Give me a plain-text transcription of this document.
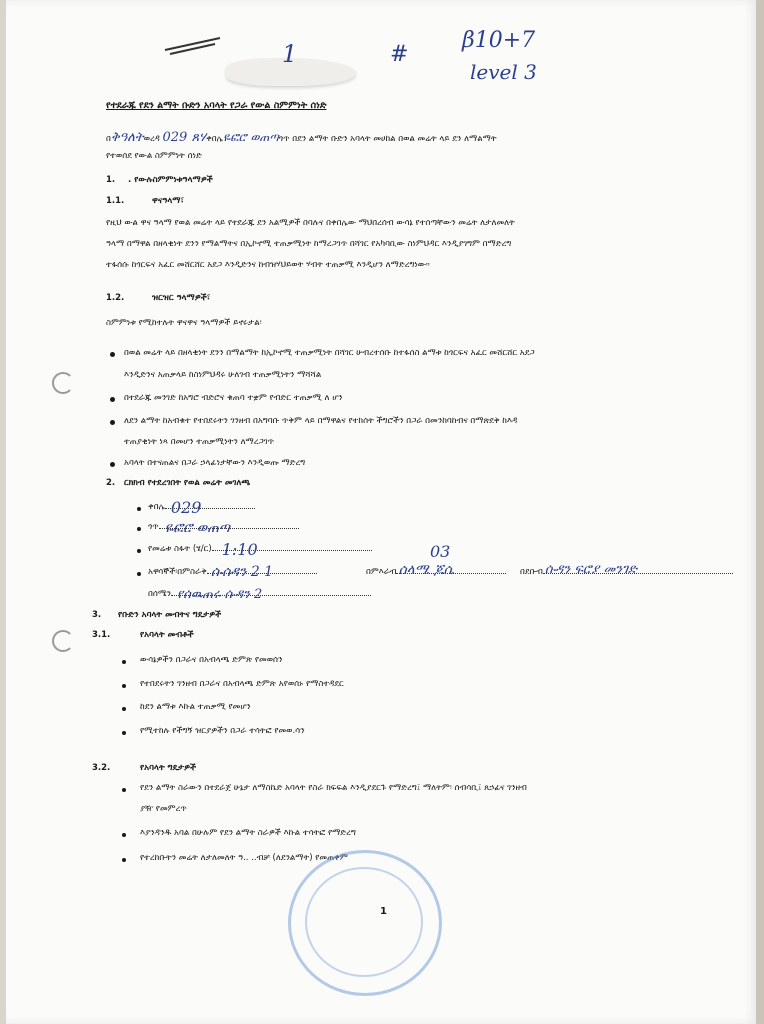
1	#
β10+7
level 3
የተደራጁ የደን ልማት ቡድን አባላት የጋራ የውል ስምምነት ሰነድ
በቅዓለትወረዳ 029 ጸሃቀበሌዬፎሮ ወጠጣጎጥ በደን ልማት ቡድን አባላት መሀከል በወል መሬት ላይ ደን ለማልማት
የተወሰደ የውል ስምምነት ሰነድ
1. . የውሉስምምነቱዓላማዎች
1.1.	ዋናዓላማ፣
የዚህ ውል ዋና ዓላማ የወል መሬት ላይ የተደራጁ ደን አልሚዎች በባሉና በቀበሌው ማህበረሰብ ውሳኔ የተሰጣቸውን መሬት ለታለመለት
ዓላማ በማዋል በዘላቂነት ደንን የማልማትና በኢኮኖሚ ተጠቃሚነት ከማረጋገጥ በሻገር የአካባቢው ስነምህዳር እንዲያገግም በማድረግ
ተፋሰሱ ከጎርፍና አፈር መሸርሸር አደጋ እንዲድንና ከብዝሃህይወት ሃብት ተጠቃሚ እንዲሆን ለማድረግነው።
1.2.	ዝርዝር ዓላማዎች፣
ስምምነቱ የሚከተሉት ዋናዋና ዓላማዎች ይኖሩታል፡
በወል መሬት ላይ በዘላቂነት ደንን በማልማት ከኢኮኖሚ ተጠቃሚነት በሻገር ሁብረተሰቡ ከተፋሰስ ልማቱ ከጎርፍና አፈር መሸርሸር አደጋ
እንዲድንና አጠቃላይ ከስነምህዳሩ ሁለገብ ተጠቃሚነትን ማሻሻል
በተደራጁ መንገድ ከአግሮ ብድሮና ቁጠባ ተቋም የብድር ተጠቃሚ ለ ሆን
ለደን ልማት ከአብቁተ የተበደሩትን ገንዘብ በአግባቡ ጥቅም ላይ በማዋልና የተከሰት ችግሮችን በጋራ በመንከባከብና በማጽደቅ ከእዳ
ተጠያቂነት ነጻ በመሆን ተጠቃሚነትን ለማረጋገጥ
አባላት በተናጠልና በጋራ ኃላፊነታቸውን እንዲወጡ ማድረግ
2. ርክክብ የተደረገበት የወል መሬት መገለጫ
ቀበሌ 029
ጎጥ ዬፎሮ ወጠጣ
የመሬቱ ስፋት (ሄ/ር) 1:10	03
አዋሳኞች፡በምስራቅ ሱሰዳን 2 1	በምእራብ ሰላሜ ጆሴ	በደቡብ ሱዳን ፍሮያ መንገድ
በሰሜን የሰዉጠሩ ሱዳን 2
3. የቡድን አባላት መብትና ግዴታዎች
3.1.	የአባላት መብቶች
ውሳኔዎችን በጋራና በአብላጫ ድምጽ የመወሰን
የተበደሩትን ገንዘብ በጋራና በአብላጫ ድምጽ አየወሰኑ የማስተዳደር
ከደን ልማቱ እኩል ተጠቃሚ የመሆን
የሚተከሉ የችግኝ ዝርያዎችን በጋራ ተሳትፎ የመወ.ሳን
3.2.	የአባላት ግዴታዎች
የደን ልማት ስራውን በተደራጀ ሁኔታ ለማስኬድ አባላት የስራ ክፍፍል እንዲያደርጉ የማድረግ፤ ማለትም፡ ሰብሳቢ፤ ጸኃፊና ገንዘብ
ያዥ የመምረጥ
እያንዳንዱ አባል በሁሉም የደን ልማት ስራዎች እኩል ተሳትፎ የማድረግ
የተረከቡትን መሬት ለታለመለት ዓ.. ..ብቻ (ለደንልማት) የመጠቀም
1
